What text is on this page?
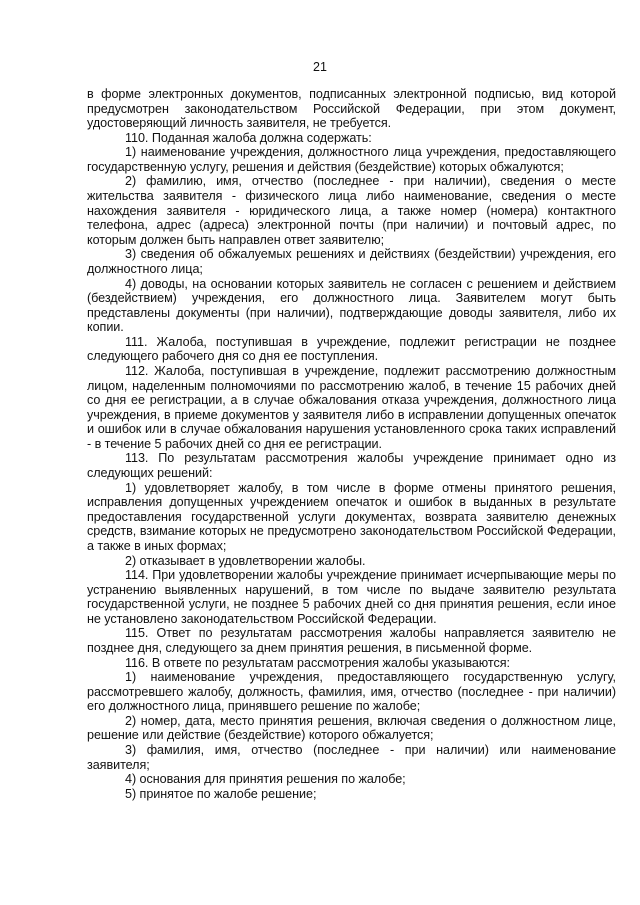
21

в форме электронных документов, подписанных электронной подписью, вид которой предусмотрен законодательством Российской Федерации, при этом документ, удостоверяющий личность заявителя, не требуется.

110. Поданная жалоба должна содержать:

1) наименование учреждения, должностного лица учреждения, предоставляющего государственную услугу, решения и действия (бездействие) которых обжалуются;

2) фамилию, имя, отчество (последнее - при наличии), сведения о месте жительства заявителя - физического лица либо наименование, сведения о месте нахождения заявителя - юридического лица, а также номер (номера) контактного телефона, адрес (адреса) электронной почты (при наличии) и почтовый адрес, по которым должен быть направлен ответ заявителю;

3) сведения об обжалуемых решениях и действиях (бездействии) учреждения, его должностного лица;

4) доводы, на основании которых заявитель не согласен с решением и действием (бездействием) учреждения, его должностного лица. Заявителем могут быть представлены документы (при наличии), подтверждающие доводы заявителя, либо их копии.

111. Жалоба, поступившая в учреждение, подлежит регистрации не позднее следующего рабочего дня со дня ее поступления.

112. Жалоба, поступившая в учреждение, подлежит рассмотрению должностным лицом, наделенным полномочиями по рассмотрению жалоб, в течение 15 рабочих дней со дня ее регистрации, а в случае обжалования отказа учреждения, должностного лица учреждения, в приеме документов у заявителя либо в исправлении допущенных опечаток и ошибок или в случае обжалования нарушения установленного срока таких исправлений - в течение 5 рабочих дней со дня ее регистрации.

113. По результатам рассмотрения жалобы учреждение принимает одно из следующих решений:

1) удовлетворяет жалобу, в том числе в форме отмены принятого решения, исправления допущенных учреждением опечаток и ошибок в выданных в результате предоставления государственной услуги документах, возврата заявителю денежных средств, взимание которых не предусмотрено законодательством Российской Федерации, а также в иных формах;

2) отказывает в удовлетворении жалобы.

114. При удовлетворении жалобы учреждение принимает исчерпывающие меры по устранению выявленных нарушений, в том числе по выдаче заявителю результата государственной услуги, не позднее 5 рабочих дней со дня принятия решения, если иное не установлено законодательством Российской Федерации.

115. Ответ по результатам рассмотрения жалобы направляется заявителю не позднее дня, следующего за днем принятия решения, в письменной форме.

116. В ответе по результатам рассмотрения жалобы указываются:

1) наименование учреждения, предоставляющего государственную услугу, рассмотревшего жалобу, должность, фамилия, имя, отчество (последнее - при наличии) его должностного лица, принявшего решение по жалобе;

2) номер, дата, место принятия решения, включая сведения о должностном лице, решение или действие (бездействие) которого обжалуется;

3) фамилия, имя, отчество (последнее - при наличии) или наименование заявителя;

4) основания для принятия решения по жалобе;

5) принятое по жалобе решение;
